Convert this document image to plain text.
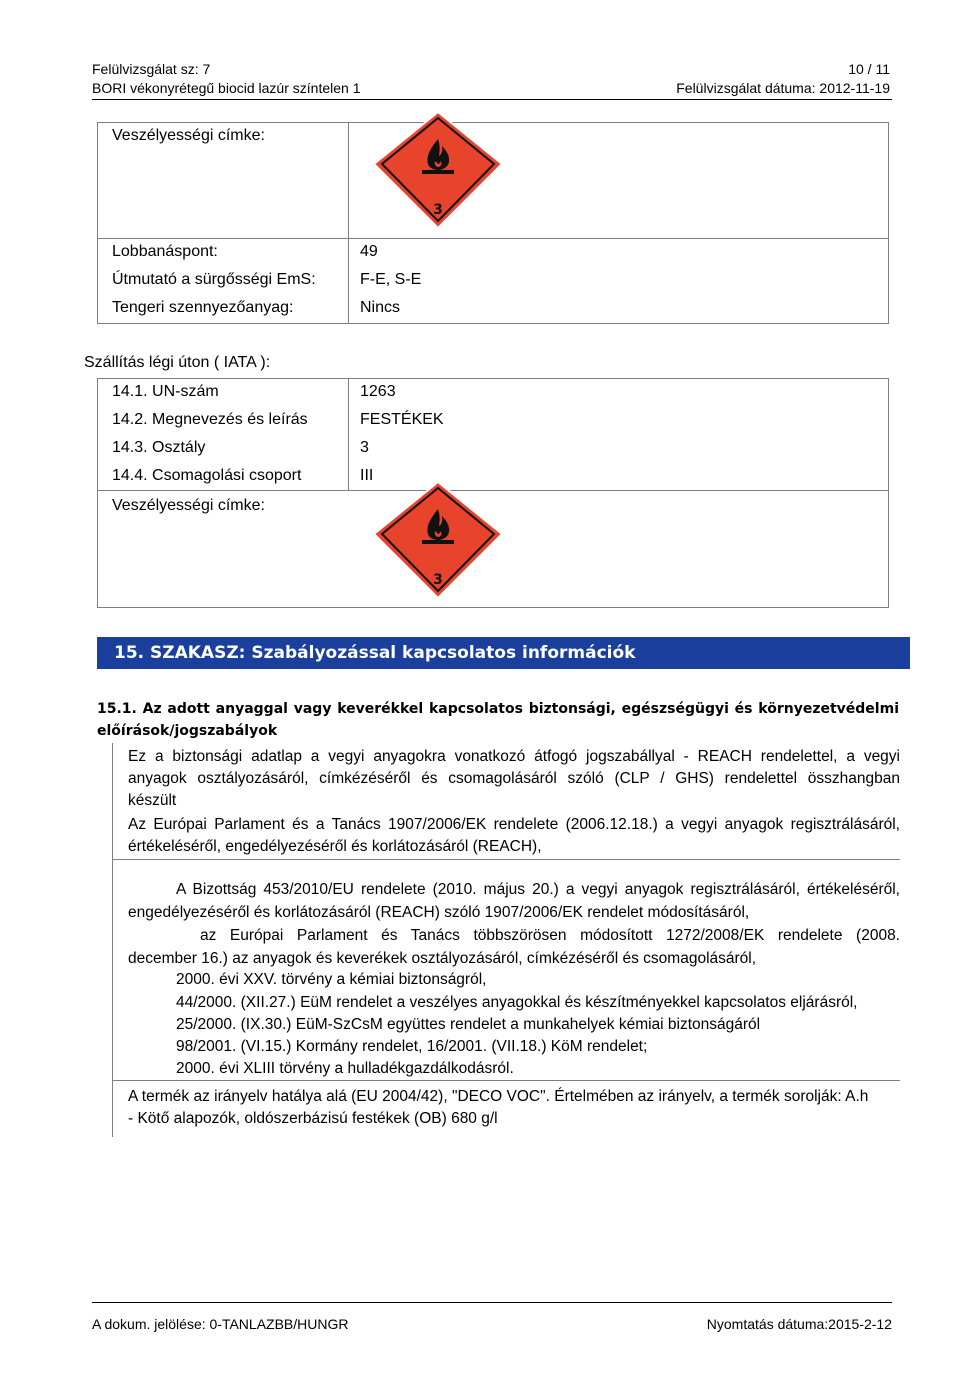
Felülvizsgálat sz: 7	10 / 11
BORI vékonyrétegű biocid lazúr színtelen 1	Felülvizsgálat dátuma: 2012-11-19
Veszélyességi címke:
3
Lobbanáspont:	49
Útmutató a sürgősségi EmS:	F-E, S-E
Tengeri szennyezőanyag:	Nincs
Szállítás légi úton ( IATA ):
14.1. UN-szám	1263
14.2. Megnevezés és leírás	FESTÉKEK
14.3. Osztály	3
14.4. Csomagolási csoport	III
Veszélyességi címke:
3
15. SZAKASZ: Szabályozással kapcsolatos információk
15.1. Az adott anyaggal vagy keverékkel kapcsolatos biztonsági, egészségügyi és környezetvédelmi
előírások/jogszabályok
Ez a biztonsági adatlap a vegyi anyagokra vonatkozó átfogó jogszabállyal - REACH rendelettel, a vegyi
anyagok osztályozásáról, címkézéséről és csomagolásáról szóló (CLP / GHS) rendelettel összhangban
készült
Az Európai Parlament és a Tanács 1907/2006/EK rendelete (2006.12.18.) a vegyi anyagok regisztrálásáról,
értékeléséről, engedélyezéséről és korlátozásáról (REACH),
A Bizottság 453/2010/EU rendelete (2010. május 20.) a vegyi anyagok regisztrálásáról, értékeléséről,
engedélyezéséről és korlátozásáról (REACH) szóló 1907/2006/EK rendelet módosításáról,
az Európai Parlament és Tanács többszörösen módosított 1272/2008/EK rendelete (2008.
december 16.) az anyagok és keverékek osztályozásáról, címkézéséről és csomagolásáról,
2000. évi XXV. törvény a kémiai biztonságról,
44/2000. (XII.27.) EüM rendelet a veszélyes anyagokkal és készítményekkel kapcsolatos eljárásról,
25/2000. (IX.30.) EüM-SzCsM együttes rendelet a munkahelyek kémiai biztonságáról
98/2001. (VI.15.) Kormány rendelet, 16/2001. (VII.18.) KöM rendelet;
2000. évi XLIII törvény a hulladékgazdálkodásról.
A termék az irányelv hatálya alá (EU 2004/42), "DECO VOC". Értelmében az irányelv, a termék sorolják: A.h
- Kötő alapozók, oldószerbázisú festékek (OB) 680 g/l
A dokum. jelölése: 0-TANLAZBB/HUNGR	Nyomtatás dátuma:2015-2-12
